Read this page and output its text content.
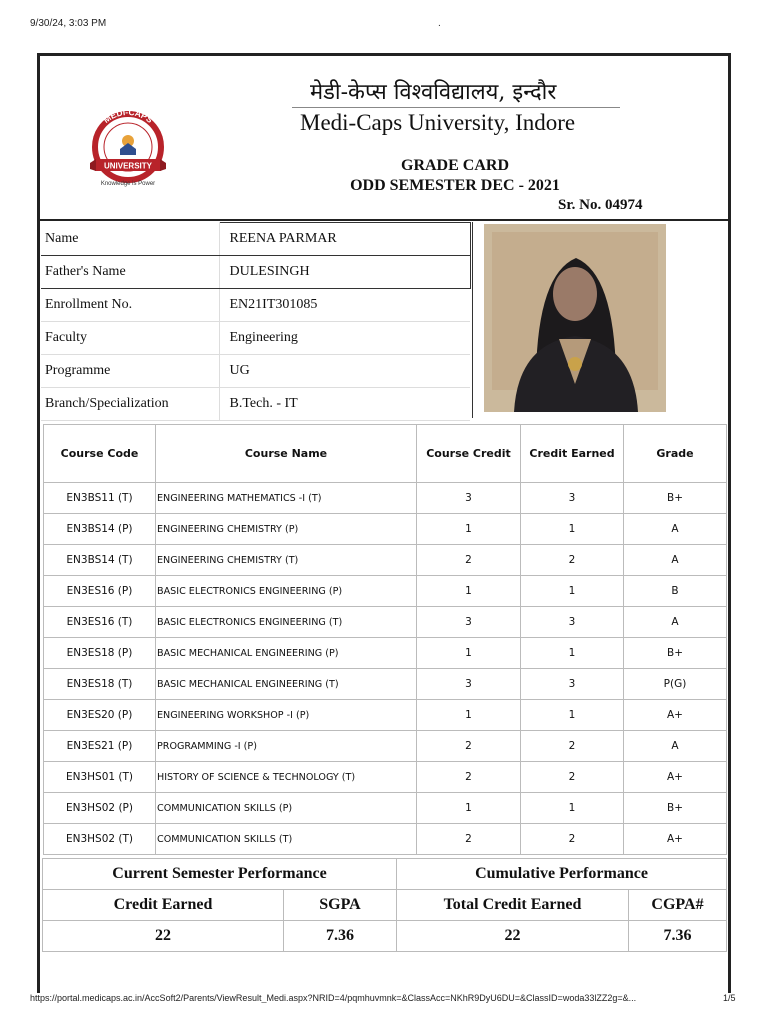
9/30/24, 3:03 PM	.
MEDI-CAPS
UNIVERSITY
Knowledge is Power
मेडी-केप्स विश्वविद्यालय, इन्दौर
Medi-Caps University, Indore
GRADE CARD
ODD SEMESTER DEC - 2021
Sr. No. 04974
Name	REENA PARMAR
Father's Name	DULESINGH
Enrollment No.	EN21IT301085
Faculty	Engineering
Programme	UG
Branch/Specialization	B.Tech. - IT
Course Code	Course Name	Course Credit	Credit Earned	Grade
EN3BS11 (T)	ENGINEERING MATHEMATICS -I (T)	3	3	B+
EN3BS14 (P)	ENGINEERING CHEMISTRY (P)	1	1	A
EN3BS14 (T)	ENGINEERING CHEMISTRY (T)	2	2	A
EN3ES16 (P)	BASIC ELECTRONICS ENGINEERING (P)	1	1	B
EN3ES16 (T)	BASIC ELECTRONICS ENGINEERING (T)	3	3	A
EN3ES18 (P)	BASIC MECHANICAL ENGINEERING (P)	1	1	B+
EN3ES18 (T)	BASIC MECHANICAL ENGINEERING (T)	3	3	P(G)
EN3ES20 (P)	ENGINEERING WORKSHOP -I (P)	1	1	A+
EN3ES21 (P)	PROGRAMMING -I (P)	2	2	A
EN3HS01 (T)	HISTORY OF SCIENCE & TECHNOLOGY (T)	2	2	A+
EN3HS02 (P)	COMMUNICATION SKILLS (P)	1	1	B+
EN3HS02 (T)	COMMUNICATION SKILLS (T)	2	2	A+
Current Semester Performance		Cumulative Performance	
Credit Earned	SGPA	Total Credit Earned	CGPA#
22	7.36	22	7.36
https://portal.medicaps.ac.in/AccSoft2/Parents/ViewResult_Medi.aspx?NRID=4/pqmhuvmnk=&ClassAcc=NKhR9DyU6DU=&ClassID=woda33lZZ2g=&...	1/5
